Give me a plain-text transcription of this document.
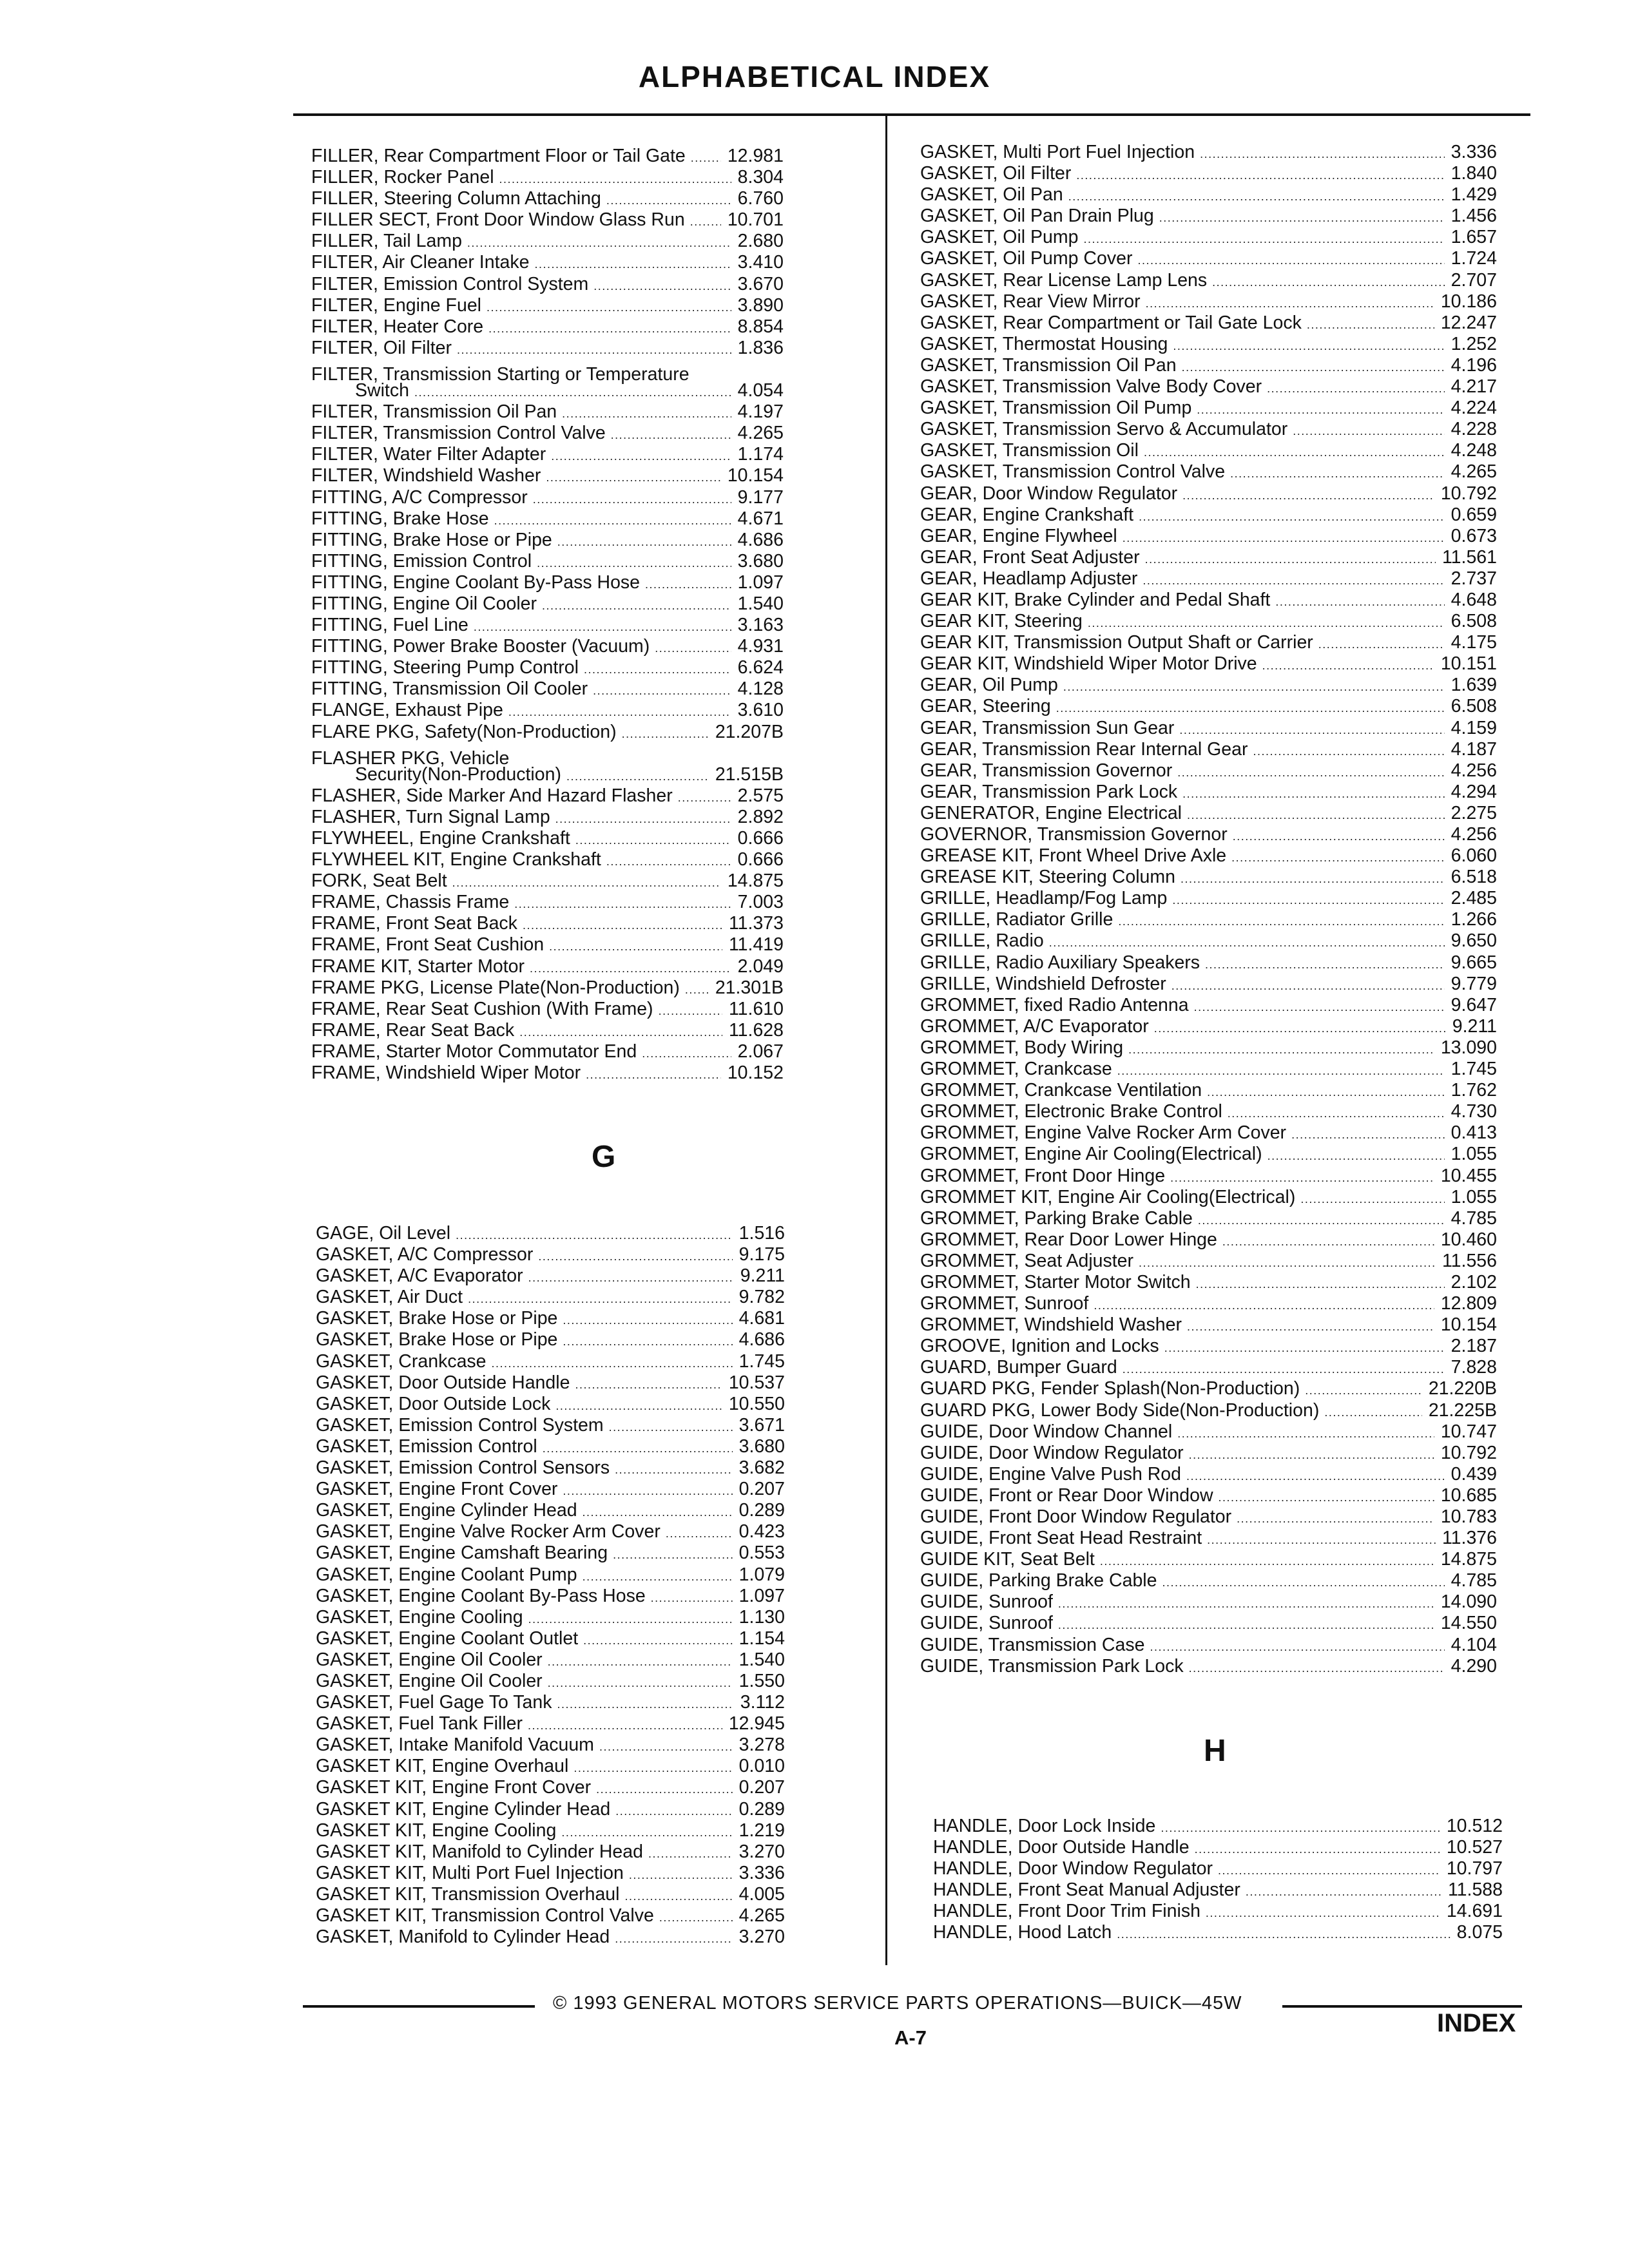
ALPHABETICAL INDEX
FILLER, Rear Compartment Floor or Tail Gate ..... 12.981
FILLER, Rocker Panel .....	8.304
FILLER, Steering Column Attaching .....	6.760
FILLER SECT, Front Door Window Glass Run ..... 10.701
FILLER, Tail Lamp .....	2.680
FILTER, Air Cleaner Intake .....	3.410
FILTER, Emission Control System .....	3.670
FILTER, Engine Fuel .....	3.890
FILTER, Heater Core .....	8.854
FILTER, Oil Filter .....	1.836
FILTER, Transmission Starting or Temperature
Switch .....	4.054
FILTER, Transmission Oil Pan .....	4.197
FILTER, Transmission Control Valve .....	4.265
FILTER, Water Filter Adapter .....	1.174
FILTER, Windshield Washer .....	10.154
FITTING, A/C Compressor .....	9.177
FITTING, Brake Hose .....	4.671
FITTING, Brake Hose or Pipe .....	4.686
FITTING, Emission Control .....	3.680
FITTING, Engine Coolant By-Pass Hose .....	1.097
FITTING, Engine Oil Cooler .....	1.540
FITTING, Fuel Line .....	3.163
FITTING, Power Brake Booster (Vacuum) .....	4.931
FITTING, Steering Pump Control .....	6.624
FITTING, Transmission Oil Cooler .....	4.128
FLANGE, Exhaust Pipe .....	3.610
FLARE PKG, Safety(Non-Production) .....	21.207B
FLASHER PKG, Vehicle
Security(Non-Production) .....	21.515B
FLASHER, Side Marker And Hazard Flasher .....	2.575
FLASHER, Turn Signal Lamp .....	2.892
FLYWHEEL, Engine Crankshaft .....	0.666
FLYWHEEL KIT, Engine Crankshaft .....	0.666
FORK, Seat Belt .....	14.875
FRAME, Chassis Frame .....	7.003
FRAME, Front Seat Back .....	11.373
FRAME, Front Seat Cushion .....	11.419
FRAME KIT, Starter Motor .....	2.049
FRAME PKG, License Plate(Non-Production) ..... 21.301B
FRAME, Rear Seat Cushion (With Frame) .....	11.610
FRAME, Rear Seat Back .....	11.628
FRAME, Starter Motor Commutator End .....	2.067
FRAME, Windshield Wiper Motor .....	10.152
G
GAGE, Oil Level .....	1.516
GASKET, A/C Compressor .....	9.175
GASKET, A/C Evaporator .....	9.211
GASKET, Air Duct .....	9.782
GASKET, Brake Hose or Pipe .....	4.681
GASKET, Brake Hose or Pipe .....	4.686
GASKET, Crankcase .....	1.745
GASKET, Door Outside Handle .....	10.537
GASKET, Door Outside Lock .....	10.550
GASKET, Emission Control System .....	3.671
GASKET, Emission Control .....	3.680
GASKET, Emission Control Sensors .....	3.682
GASKET, Engine Front Cover .....	0.207
GASKET, Engine Cylinder Head .....	0.289
GASKET, Engine Valve Rocker Arm Cover .....	0.423
GASKET, Engine Camshaft Bearing .....	0.553
GASKET, Engine Coolant Pump .....	1.079
GASKET, Engine Coolant By-Pass Hose .....	1.097
GASKET, Engine Cooling .....	1.130
GASKET, Engine Coolant Outlet .....	1.154
GASKET, Engine Oil Cooler .....	1.540
GASKET, Engine Oil Cooler .....	1.550
GASKET, Fuel Gage To Tank .....	3.112
GASKET, Fuel Tank Filler .....	12.945
GASKET, Intake Manifold Vacuum .....	3.278
GASKET KIT, Engine Overhaul .....	0.010
GASKET KIT, Engine Front Cover .....	0.207
GASKET KIT, Engine Cylinder Head .....	0.289
GASKET KIT, Engine Cooling .....	1.219
GASKET KIT, Manifold to Cylinder Head .....	3.270
GASKET KIT, Multi Port Fuel Injection .....	3.336
GASKET KIT, Transmission Overhaul .....	4.005
GASKET KIT, Transmission Control Valve .....	4.265
GASKET, Manifold to Cylinder Head .....	3.270
GASKET, Multi Port Fuel Injection .....	3.336
GASKET, Oil Filter .....	1.840
GASKET, Oil Pan .....	1.429
GASKET, Oil Pan Drain Plug .....	1.456
GASKET, Oil Pump .....	1.657
GASKET, Oil Pump Cover .....	1.724
GASKET, Rear License Lamp Lens .....	2.707
GASKET, Rear View Mirror .....	10.186
GASKET, Rear Compartment or Tail Gate Lock .....	12.247
GASKET, Thermostat Housing .....	1.252
GASKET, Transmission Oil Pan .....	4.196
GASKET, Transmission Valve Body Cover .....	4.217
GASKET, Transmission Oil Pump .....	4.224
GASKET, Transmission Servo & Accumulator .....	4.228
GASKET, Transmission Oil .....	4.248
GASKET, Transmission Control Valve .....	4.265
GEAR, Door Window Regulator .....	10.792
GEAR, Engine Crankshaft .....	0.659
GEAR, Engine Flywheel .....	0.673
GEAR, Front Seat Adjuster .....	11.561
GEAR, Headlamp Adjuster .....	2.737
GEAR KIT, Brake Cylinder and Pedal Shaft .....	4.648
GEAR KIT, Steering .....	6.508
GEAR KIT, Transmission Output Shaft or Carrier .....	4.175
GEAR KIT, Windshield Wiper Motor Drive .....	10.151
GEAR, Oil Pump .....	1.639
GEAR, Steering .....	6.508
GEAR, Transmission Sun Gear .....	4.159
GEAR, Transmission Rear Internal Gear .....	4.187
GEAR, Transmission Governor .....	4.256
GEAR, Transmission Park Lock .....	4.294
GENERATOR, Engine Electrical .....	2.275
GOVERNOR, Transmission Governor .....	4.256
GREASE KIT, Front Wheel Drive Axle .....	6.060
GREASE KIT, Steering Column .....	6.518
GRILLE, Headlamp/Fog Lamp .....	2.485
GRILLE, Radiator Grille .....	1.266
GRILLE, Radio .....	9.650
GRILLE, Radio Auxiliary Speakers .....	9.665
GRILLE, Windshield Defroster .....	9.779
GROMMET, fixed Radio Antenna .....	9.647
GROMMET, A/C Evaporator .....	9.211
GROMMET, Body Wiring .....	13.090
GROMMET, Crankcase .....	1.745
GROMMET, Crankcase Ventilation .....	1.762
GROMMET, Electronic Brake Control .....	4.730
GROMMET, Engine Valve Rocker Arm Cover .....	0.413
GROMMET, Engine Air Cooling(Electrical) .....	1.055
GROMMET, Front Door Hinge .....	10.455
GROMMET KIT, Engine Air Cooling(Electrical) .....	1.055
GROMMET, Parking Brake Cable .....	4.785
GROMMET, Rear Door Lower Hinge .....	10.460
GROMMET, Seat Adjuster .....	11.556
GROMMET, Starter Motor Switch .....	2.102
GROMMET, Sunroof .....	12.809
GROMMET, Windshield Washer .....	10.154
GROOVE, Ignition and Locks .....	2.187
GUARD, Bumper Guard .....	7.828
GUARD PKG, Fender Splash(Non-Production) .....	21.220B
GUARD PKG, Lower Body Side(Non-Production) .....	21.225B
GUIDE, Door Window Channel .....	10.747
GUIDE, Door Window Regulator .....	10.792
GUIDE, Engine Valve Push Rod .....	0.439
GUIDE, Front or Rear Door Window .....	10.685
GUIDE, Front Door Window Regulator .....	10.783
GUIDE, Front Seat Head Restraint .....	11.376
GUIDE KIT, Seat Belt .....	14.875
GUIDE, Parking Brake Cable .....	4.785
GUIDE, Sunroof .....	14.090
GUIDE, Sunroof .....	14.550
GUIDE, Transmission Case .....	4.104
GUIDE, Transmission Park Lock .....	4.290
H
HANDLE, Door Lock Inside .....	10.512
HANDLE, Door Outside Handle .....	10.527
HANDLE, Door Window Regulator .....	10.797
HANDLE, Front Seat Manual Adjuster .....	11.588
HANDLE, Front Door Trim Finish .....	14.691
HANDLE, Hood Latch .....	8.075
© 1993 GENERAL MOTORS SERVICE PARTS OPERATIONS—BUICK—45W
INDEX
A-7
